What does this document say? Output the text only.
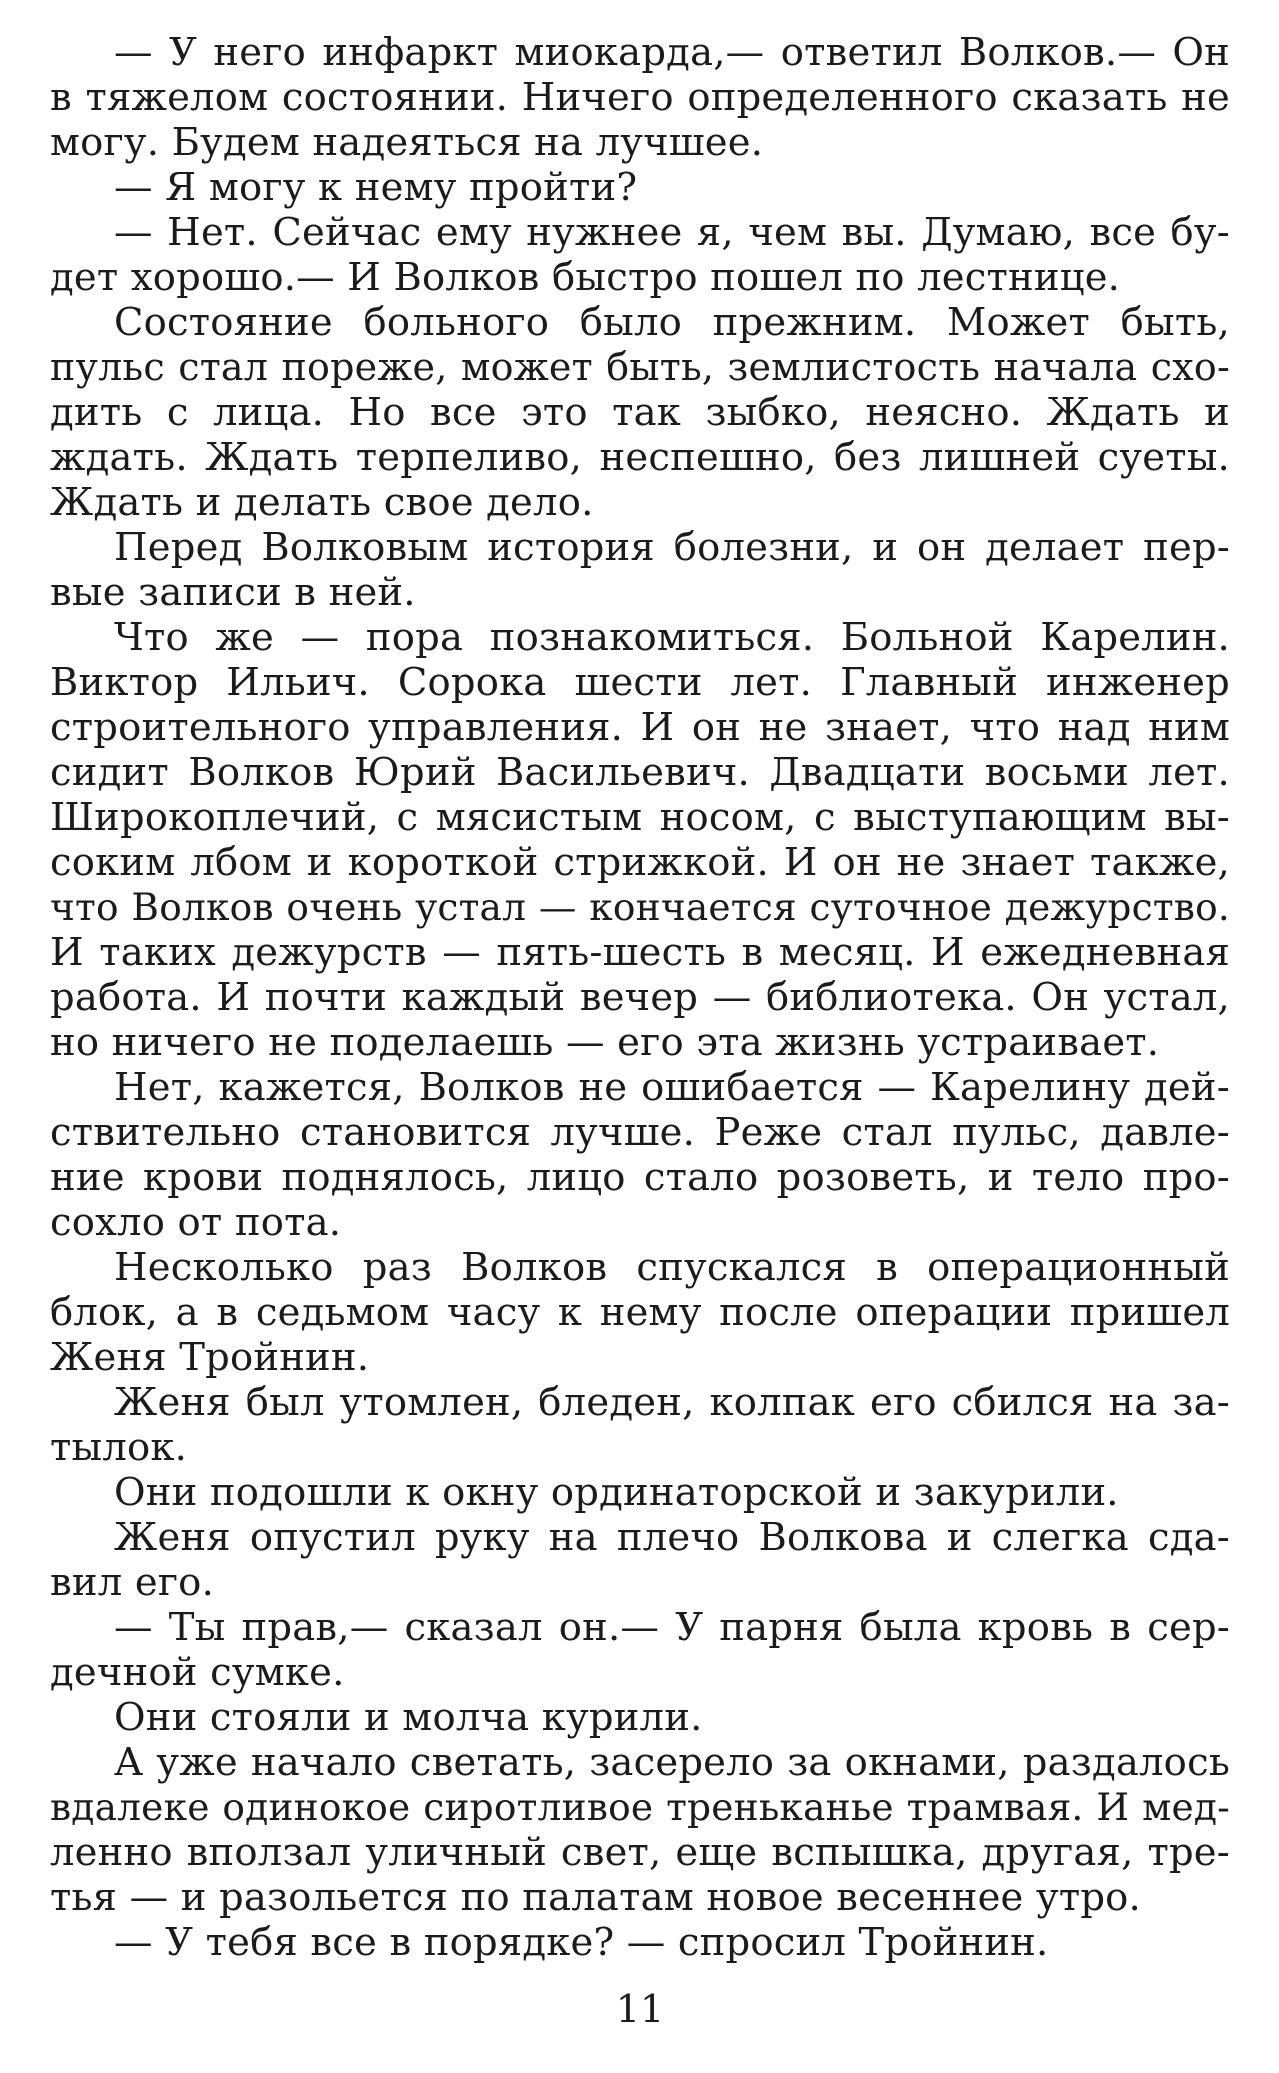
— У него инфаркт миокарда,— ответил Волков.— Он
в тяжелом состоянии. Ничего определенного сказать не
могу. Будем надеяться на лучшее.
— Я могу к нему пройти?
— Нет. Сейчас ему нужнее я, чем вы. Думаю, все бу-
дет хорошо.— И Волков быстро пошел по лестнице.
Состояние больного было прежним. Может быть,
пульс стал пореже, может быть, землистость начала схо-
дить с лица. Но все это так зыбко, неясно. Ждать и
ждать. Ждать терпеливо, неспешно, без лишней суеты.
Ждать и делать свое дело.
Перед Волковым история болезни, и он делает пер-
вые записи в ней.
Что же — пора познакомиться. Больной Карелин.
Виктор Ильич. Сорока шести лет. Главный инженер
строительного управления. И он не знает, что над ним
сидит Волков Юрий Васильевич. Двадцати восьми лет.
Широкоплечий, с мясистым носом, с выступающим вы-
соким лбом и короткой стрижкой. И он не знает также,
что Волков очень устал — кончается суточное дежурство.
И таких дежурств — пять-шесть в месяц. И ежедневная
работа. И почти каждый вечер — библиотека. Он устал,
но ничего не поделаешь — его эта жизнь устраивает.
Нет, кажется, Волков не ошибается — Карелину дей-
ствительно становится лучше. Реже стал пульс, давле-
ние крови поднялось, лицо стало розоветь, и тело про-
сохло от пота.
Несколько раз Волков спускался в операционный
блок, а в седьмом часу к нему после операции пришел
Женя Тройнин.
Женя был утомлен, бледен, колпак его сбился на за-
тылок.
Они подошли к окну ординаторской и закурили.
Женя опустил руку на плечо Волкова и слегка сда-
вил его.
— Ты прав,— сказал он.— У парня была кровь в сер-
дечной сумке.
Они стояли и молча курили.
А уже начало светать, засерело за окнами, раздалось
вдалеке одинокое сиротливое треньканье трамвая. И мед-
ленно вползал уличный свет, еще вспышка, другая, тре-
тья — и разольется по палатам новое весеннее утро.
— У тебя все в порядке? — спросил Тройнин.
11
